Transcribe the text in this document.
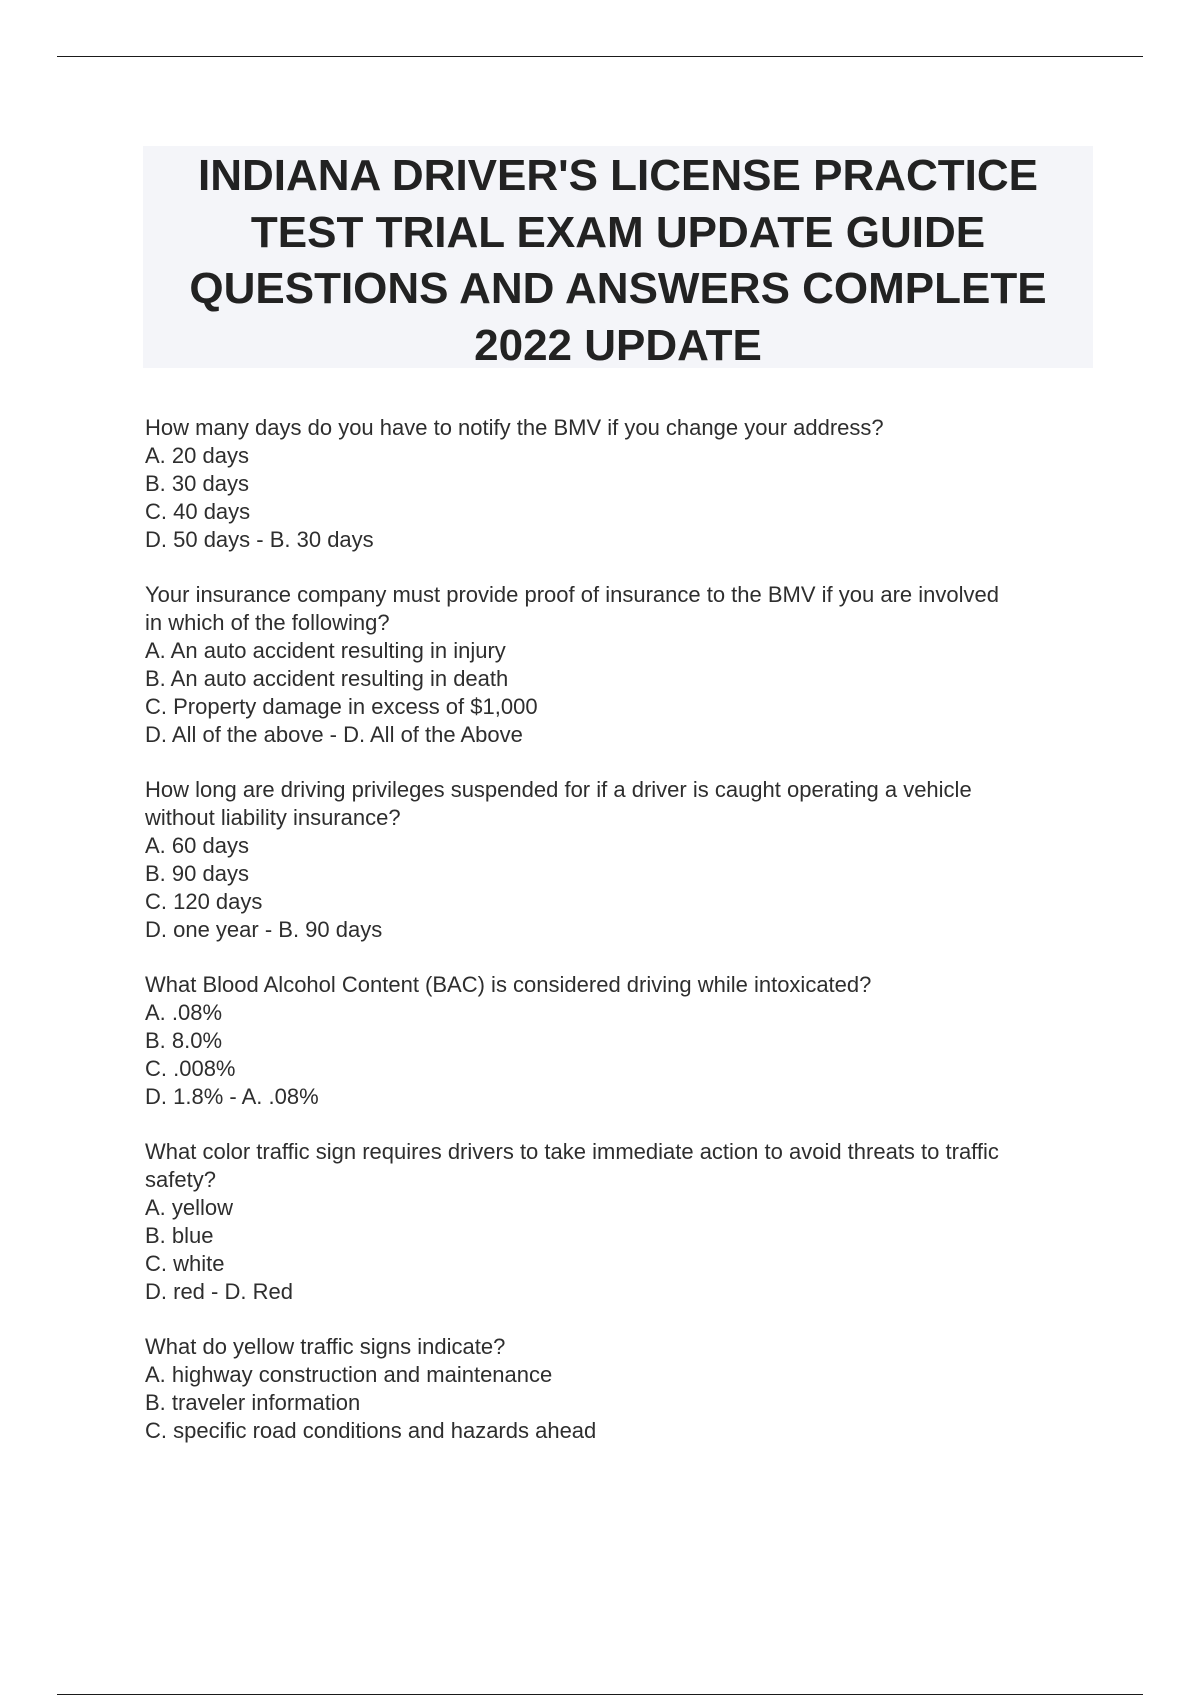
INDIANA DRIVER'S LICENSE PRACTICE
TEST TRIAL EXAM UPDATE GUIDE
QUESTIONS AND ANSWERS COMPLETE
2022 UPDATE
How many days do you have to notify the BMV if you change your address?
A. 20 days
B. 30 days
C. 40 days
D. 50 days - B. 30 days
Your insurance company must provide proof of insurance to the BMV if you are involved
in which of the following?
A. An auto accident resulting in injury
B. An auto accident resulting in death
C. Property damage in excess of $1,000
D. All of the above - D. All of the Above
How long are driving privileges suspended for if a driver is caught operating a vehicle
without liability insurance?
A. 60 days
B. 90 days
C. 120 days
D. one year - B. 90 days
What Blood Alcohol Content (BAC) is considered driving while intoxicated?
A. .08%
B. 8.0%
C. .008%
D. 1.8% - A. .08%
What color traffic sign requires drivers to take immediate action to avoid threats to traffic
safety?
A. yellow
B. blue
C. white
D. red - D. Red
What do yellow traffic signs indicate?
A. highway construction and maintenance
B. traveler information
C. specific road conditions and hazards ahead
